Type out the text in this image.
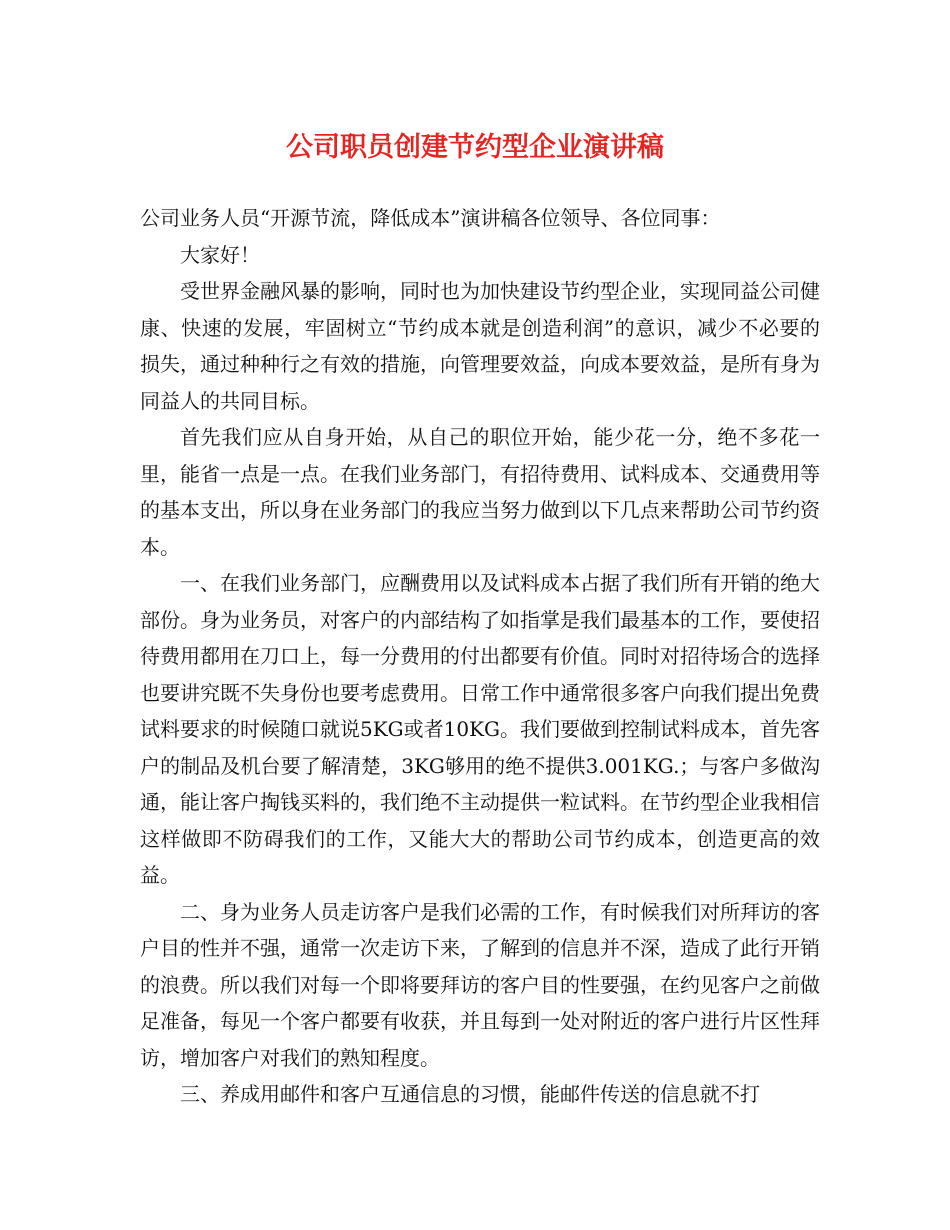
公司职员创建节约型企业演讲稿

公司业务人员“开源节流，降低成本”演讲稿各位领导、各位同事：

大家好！

受世界金融风暴的影响，同时也为加快建设节约型企业，实现同益公司健康、快速的发展，牢固树立“节约成本就是创造利润”的意识，减少不必要的损失，通过种种行之有效的措施，向管理要效益，向成本要效益，是所有身为同益人的共同目标。

首先我们应从自身开始，从自己的职位开始，能少花一分，绝不多花一里，能省一点是一点。在我们业务部门，有招待费用、试料成本、交通费用等的基本支出，所以身在业务部门的我应当努力做到以下几点来帮助公司节约资本。

一、在我们业务部门，应酬费用以及试料成本占据了我们所有开销的绝大部份。身为业务员，对客户的内部结构了如指掌是我们最基本的工作，要使招待费用都用在刀口上，每一分费用的付出都要有价值。同时对招待场合的选择也要讲究既不失身份也要考虑费用。日常工作中通常很多客户向我们提出免费试料要求的时候随口就说5KG或者10KG。我们要做到控制试料成本，首先客户的制品及机台要了解清楚，3KG够用的绝不提供3.001KG.；与客户多做沟通，能让客户掏钱买料的，我们绝不主动提供一粒试料。在节约型企业我相信这样做即不防碍我们的工作，又能大大的帮助公司节约成本，创造更高的效益。

二、身为业务人员走访客户是我们必需的工作，有时候我们对所拜访的客户目的性并不强，通常一次走访下来，了解到的信息并不深，造成了此行开销的浪费。所以我们对每一个即将要拜访的客户目的性要强，在约见客户之前做足准备，每见一个客户都要有收获，并且每到一处对附近的客户进行片区性拜访，增加客户对我们的熟知程度。

三、养成用邮件和客户互通信息的习惯，能邮件传送的信息就不打
